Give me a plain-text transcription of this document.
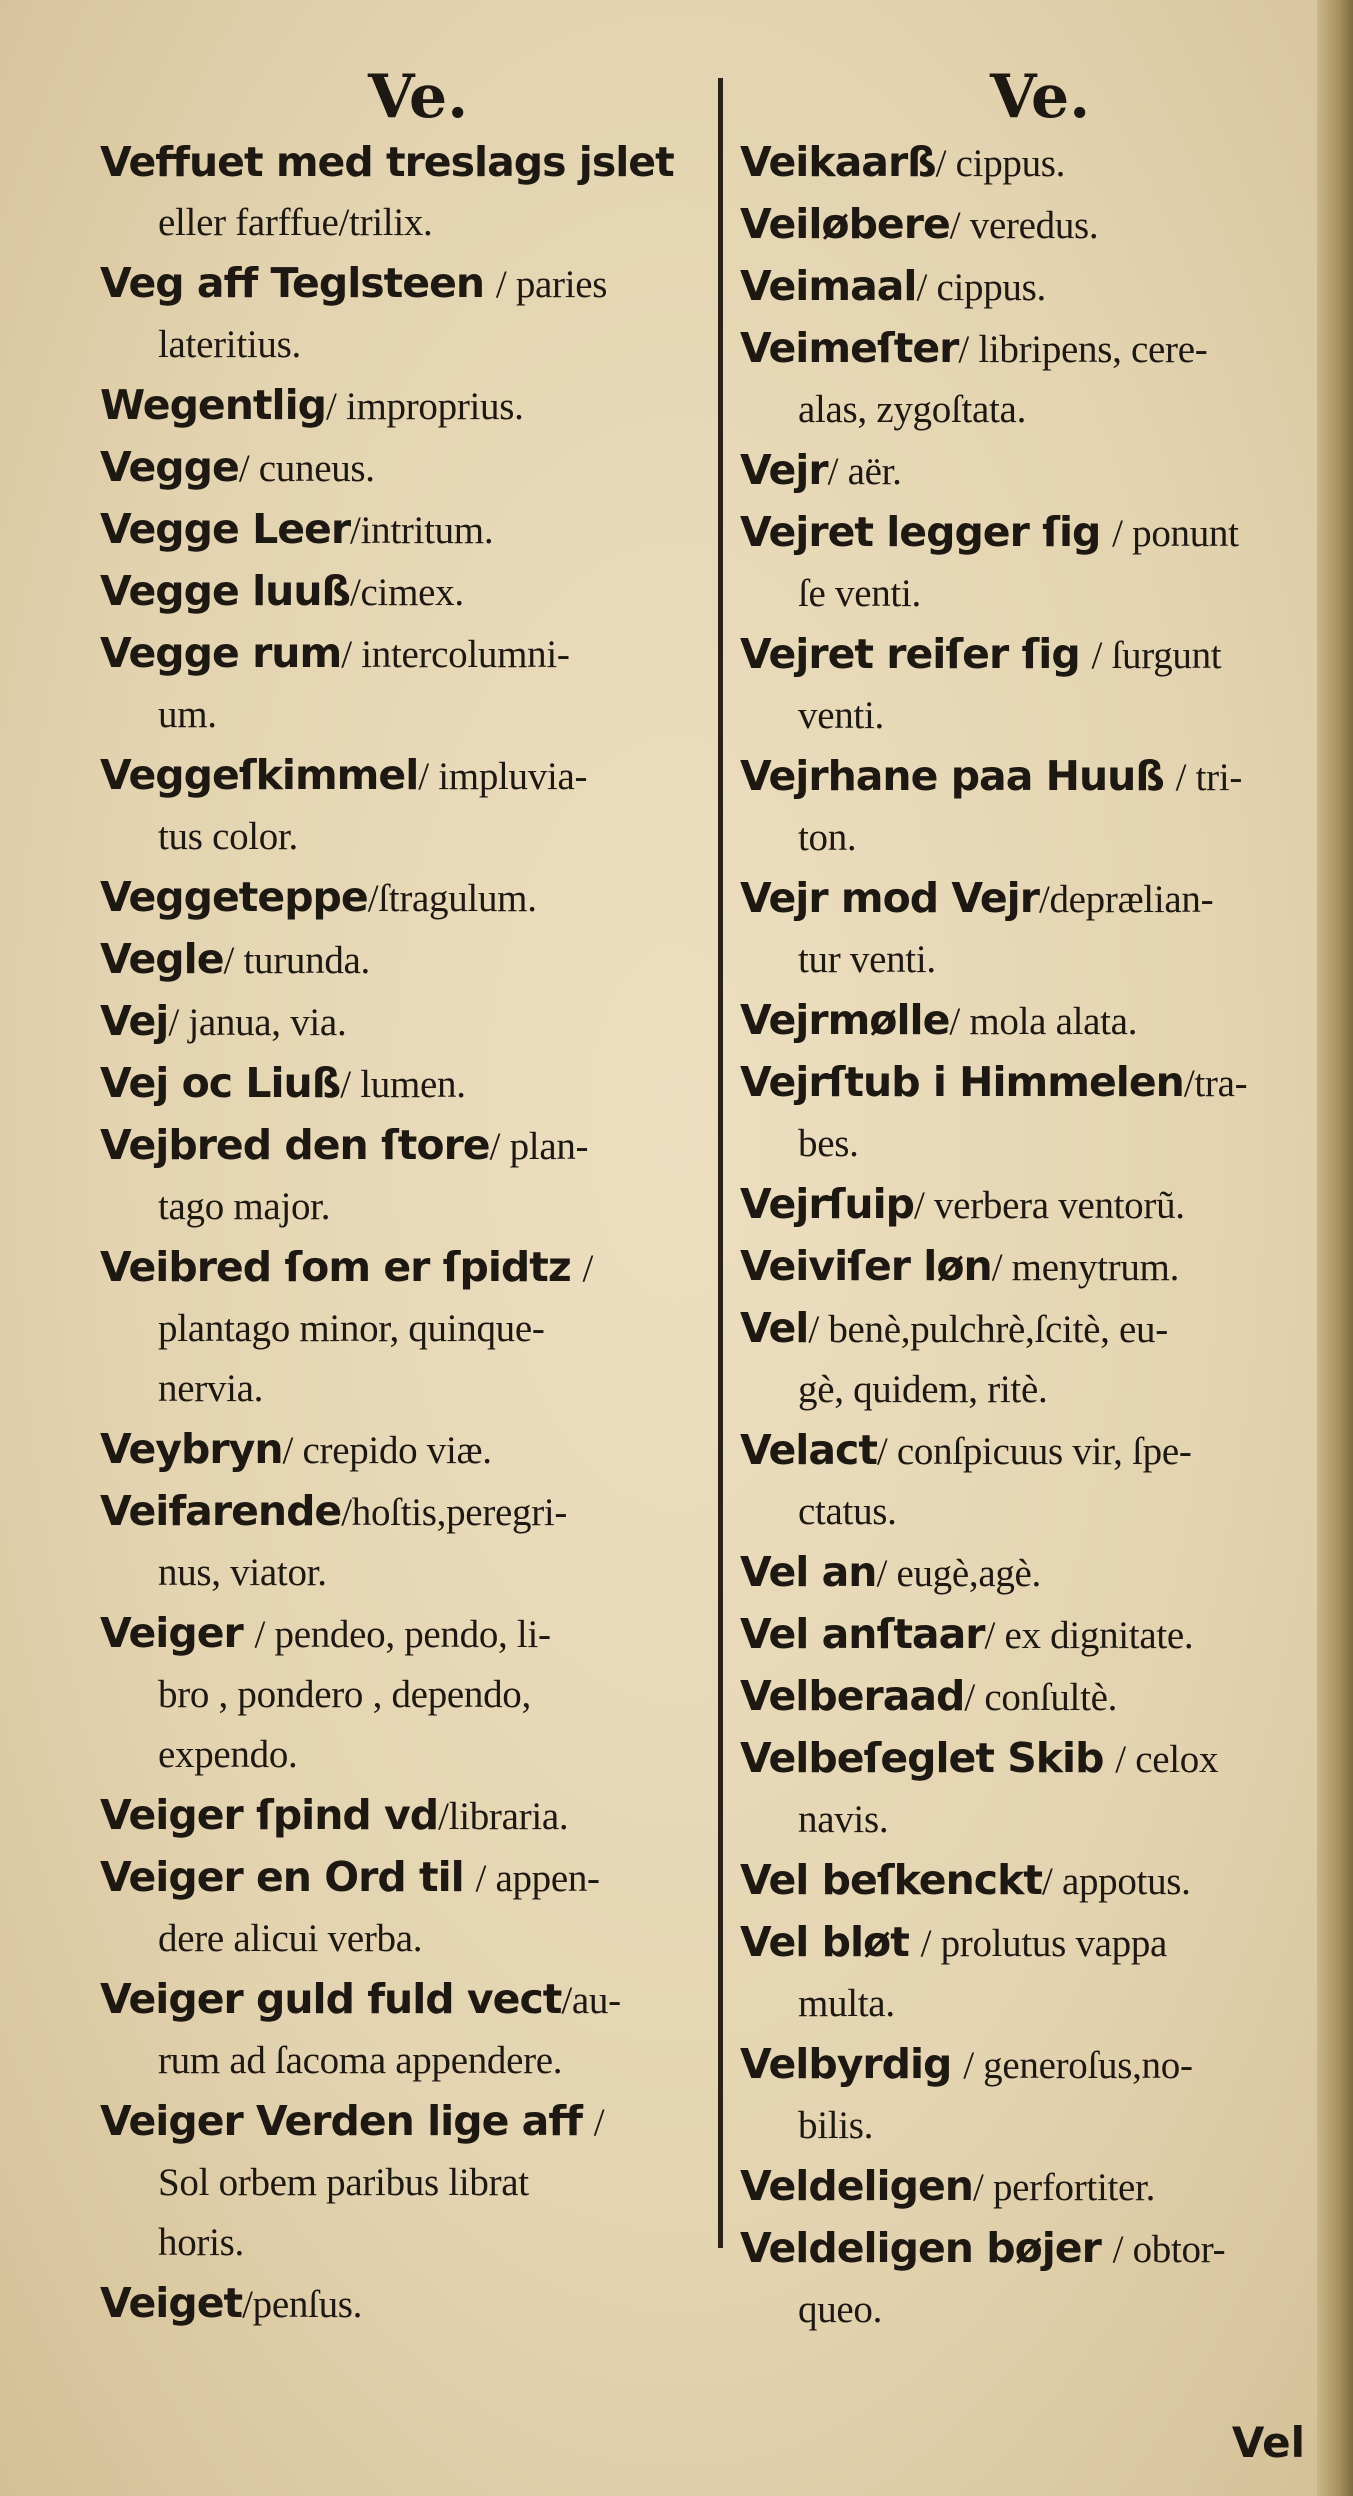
Ve.	Ve.

Veffuet med treslags jslet
eller farffue/trilix.

Veg aff Teglsteen / paries
lateritius.

Wegentlig/ improprius.

Vegge/ cuneus.

Vegge Leer/intritum.

Vegge luuß/cimex.

Vegge rum/ intercolumni-
um.

Veggeſkimmel/ impluvia-
tus color.

Veggeteppe/ſtragulum.

Vegle/ turunda.

Vej/ janua, via.

Vej oc Liuß/ lumen.

Vejbred den ſtore/ plan-
tago major.

Veibred ſom er ſpidtz /
plantago minor, quinque-
nervia.

Veybryn/ crepido viæ.

Veifarende/hoſtis,peregri-
nus, viator.

Veiger / pendeo, pendo, li-
bro , pondero , dependo,
expendo.

Veiger ſpind vd/libraria.

Veiger en Ord til / appen-
dere alicui verba.

Veiger guld fuld vect/au-
rum ad ſacoma appendere.

Veiger Verden lige aff /
Sol orbem paribus librat
horis.

Veiget/penſus.

Veikaarß/ cippus.

Veiløbere/ veredus.

Veimaal/ cippus.

Veimeſter/ libripens, cere-
alas, zygoſtata.

Vejr/ aër.

Vejret legger ſig / ponunt
ſe venti.

Vejret reiſer ſig / ſurgunt
venti.

Vejrhane paa Huuß / tri-
ton.

Vejr mod Vejr/deprælian-
tur venti.

Vejrmølle/ mola alata.

Vejrſtub i Himmelen/tra-
bes.

Vejrſuip/ verbera ventorũ.

Veiviſer løn/ menytrum.

Vel/ benè,pulchrè,ſcitè, eu-
gè, quidem, ritè.

Velact/ conſpicuus vir, ſpe-
ctatus.

Vel an/ eugè,agè.

Vel anſtaar/ ex dignitate.

Velberaad/ conſultè.

Velbeſeglet Skib / celox
navis.

Vel beſkenckt/ appotus.

Vel bløt / prolutus vappa
multa.

Velbyrdig / generoſus,no-
bilis.

Veldeligen/ perfortiter.

Veldeligen bøjer / obtor-
queo.

Vel
